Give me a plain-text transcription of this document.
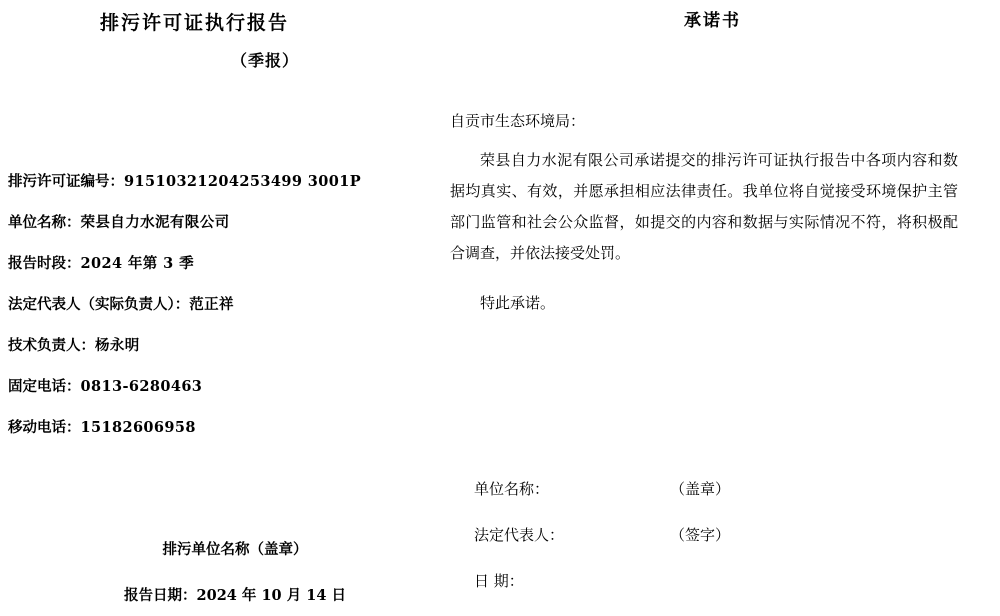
排污许可证执行报告
（季报）
排污许可证编号：91510321204253499 3001P
单位名称：荣县自力水泥有限公司
报告时段：2024 年第 3 季
法定代表人（实际负责人）：范正祥
技术负责人：杨永明
固定电话：0813-6280463
移动电话：15182606958
排污单位名称（盖章）
报告日期：2024 年 10 月 14 日
承诺书
自贡市生态环境局：
荣县自力水泥有限公司承诺提交的排污许可证执行报告中各项内容和数据均真实、有效，并愿承担相应法律责任。我单位将自觉接受环境保护主管部门监管和社会公众监督，如提交的内容和数据与实际情况不符，将积极配合调查，并依法接受处罚。
特此承诺。
单位名称：	（盖章）
法定代表人：	（签字）
日 期：
